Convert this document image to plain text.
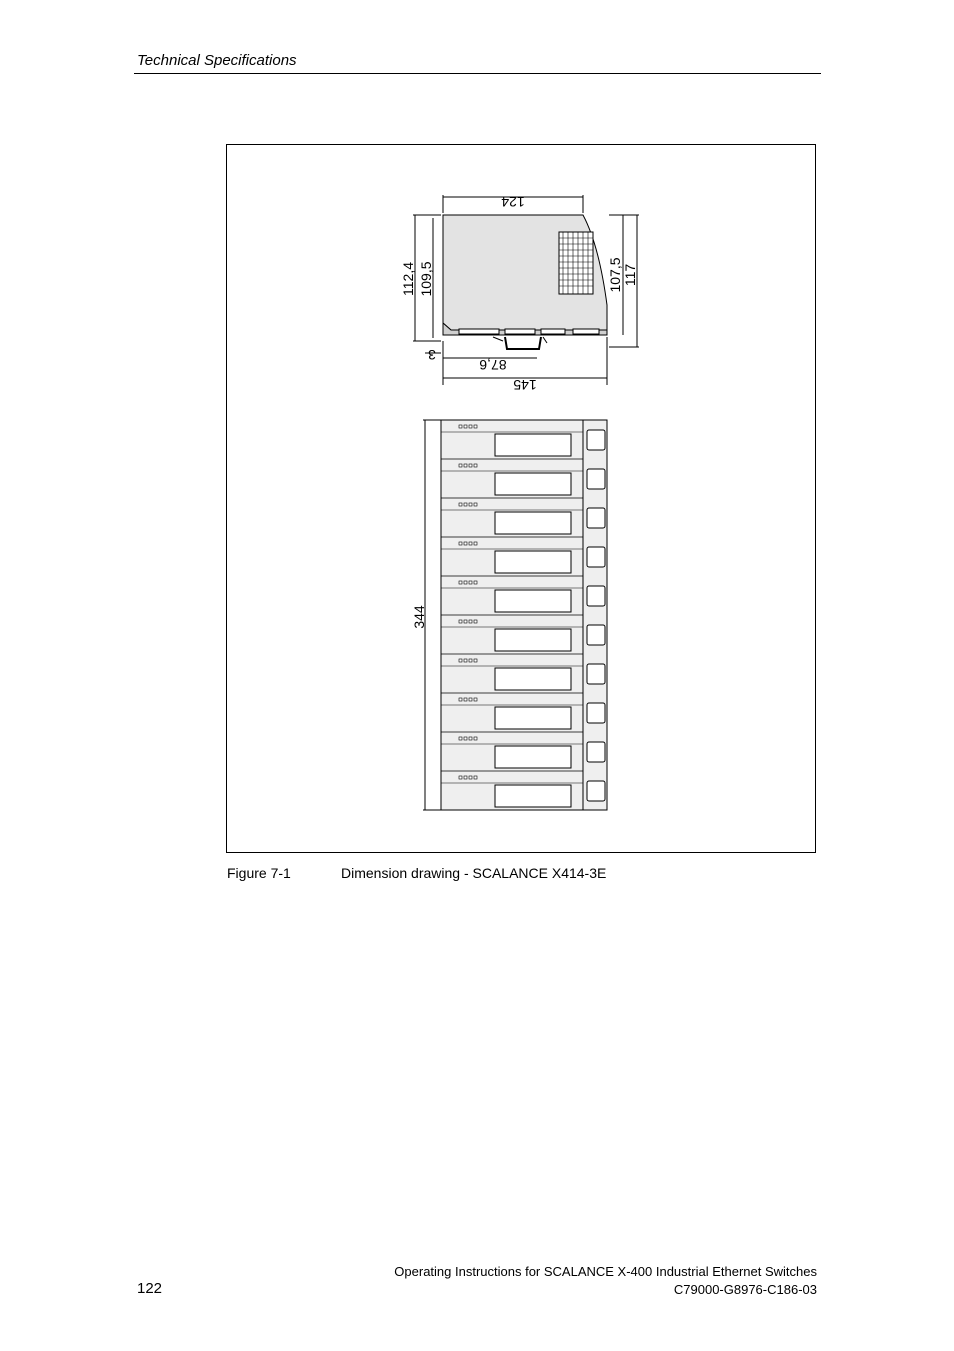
Technical Specifications
124
112,4 109,5	107,5 117
3
87,6
145
344
Figure 7-1	Dimension drawing - SCALANCE X414-3E
122
Operating Instructions for SCALANCE X-400 Industrial Ethernet Switches
C79000-G8976-C186-03
